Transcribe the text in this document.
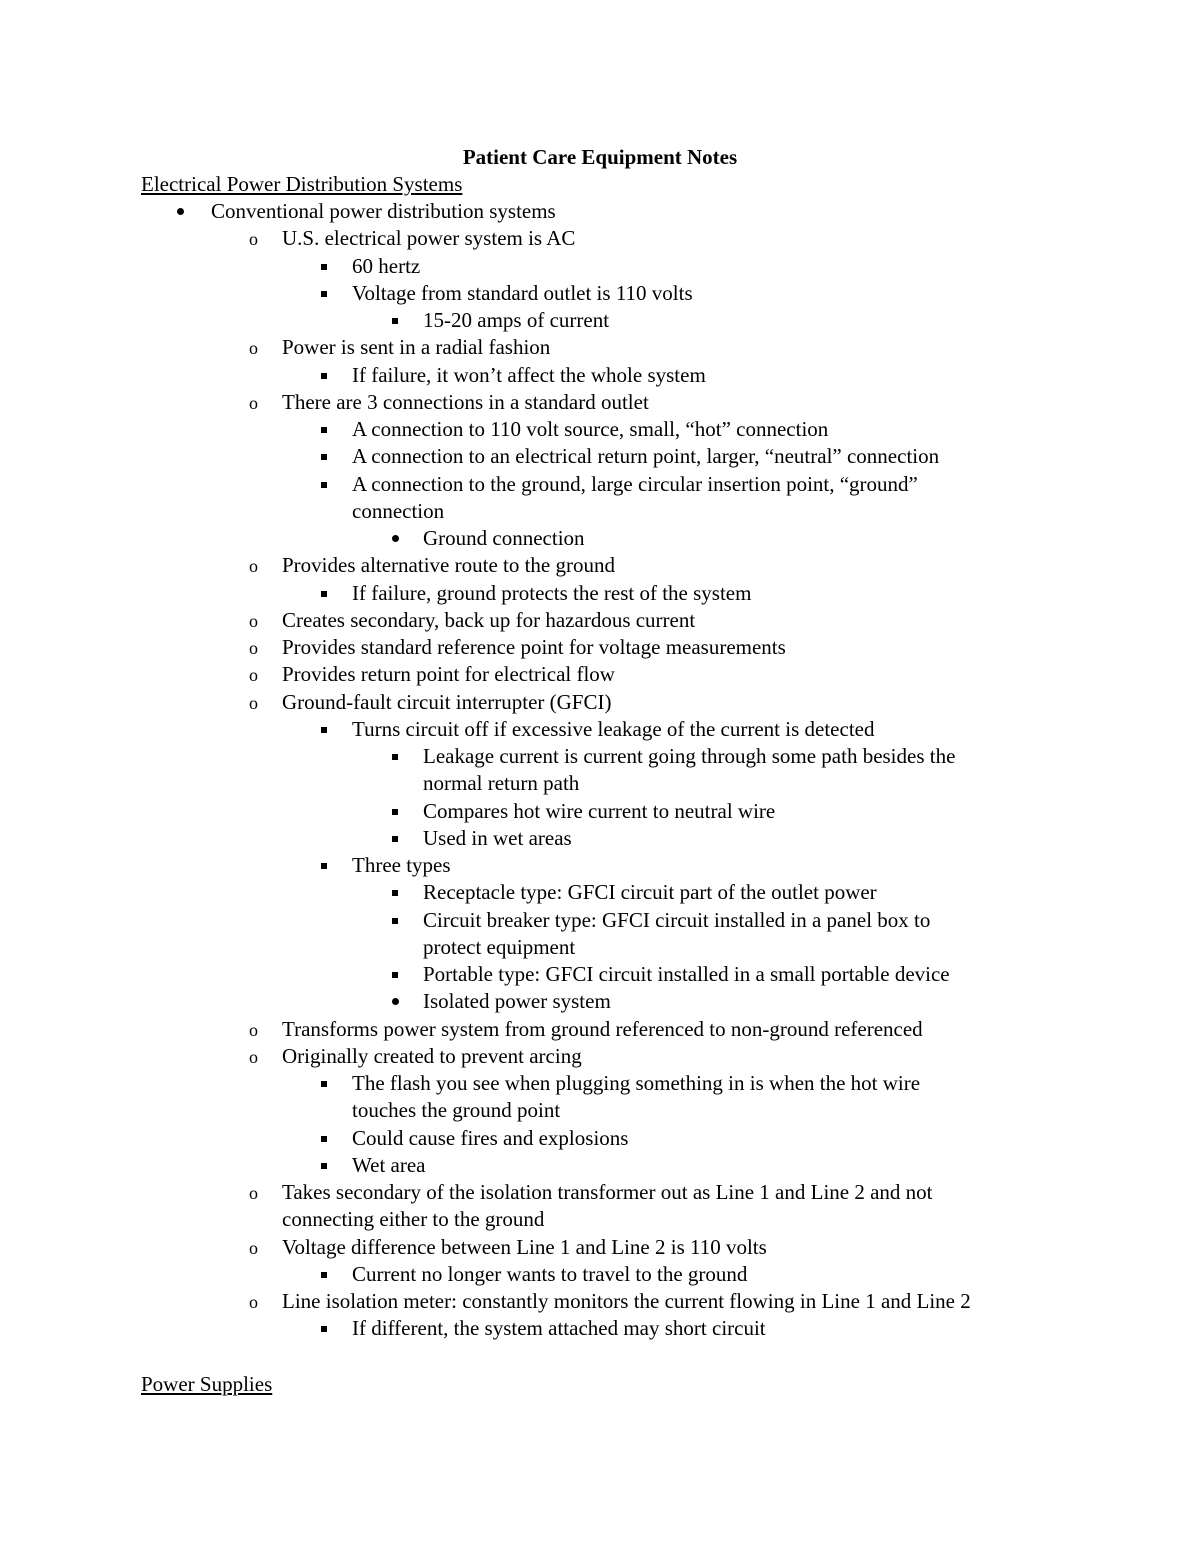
Patient Care Equipment Notes
Electrical Power Distribution Systems
Conventional power distribution systems
U.S. electrical power system is AC
o
60 hertz
Voltage from standard outlet is 110 volts
15-20 amps of current
Power is sent in a radial fashion
o
If failure, it won’t affect the whole system
There are 3 connections in a standard outlet
o
A connection to 110 volt source, small, “hot” connection
A connection to an electrical return point, larger, “neutral” connection
A connection to the ground, large circular insertion point, “ground”
connection
Ground connection
Provides alternative route to the ground
o
If failure, ground protects the rest of the system
Creates secondary, back up for hazardous current
o
Provides standard reference point for voltage measurements
o
Provides return point for electrical flow
o
Ground-fault circuit interrupter (GFCI)
o
Turns circuit off if excessive leakage of the current is detected
Leakage current is current going through some path besides the
normal return path
Compares hot wire current to neutral wire
Used in wet areas
Three types
Receptacle type: GFCI circuit part of the outlet power
Circuit breaker type: GFCI circuit installed in a panel box to
protect equipment
Portable type: GFCI circuit installed in a small portable device
Isolated power system
Transforms power system from ground referenced to non-ground referenced
o
Originally created to prevent arcing
o
The flash you see when plugging something in is when the hot wire
touches the ground point
Could cause fires and explosions
Wet area
Takes secondary of the isolation transformer out as Line 1 and Line 2 and not
o
connecting either to the ground
Voltage difference between Line 1 and Line 2 is 110 volts
o
Current no longer wants to travel to the ground
Line isolation meter: constantly monitors the current flowing in Line 1 and Line 2
o
If different, the system attached may short circuit
Power Supplies
